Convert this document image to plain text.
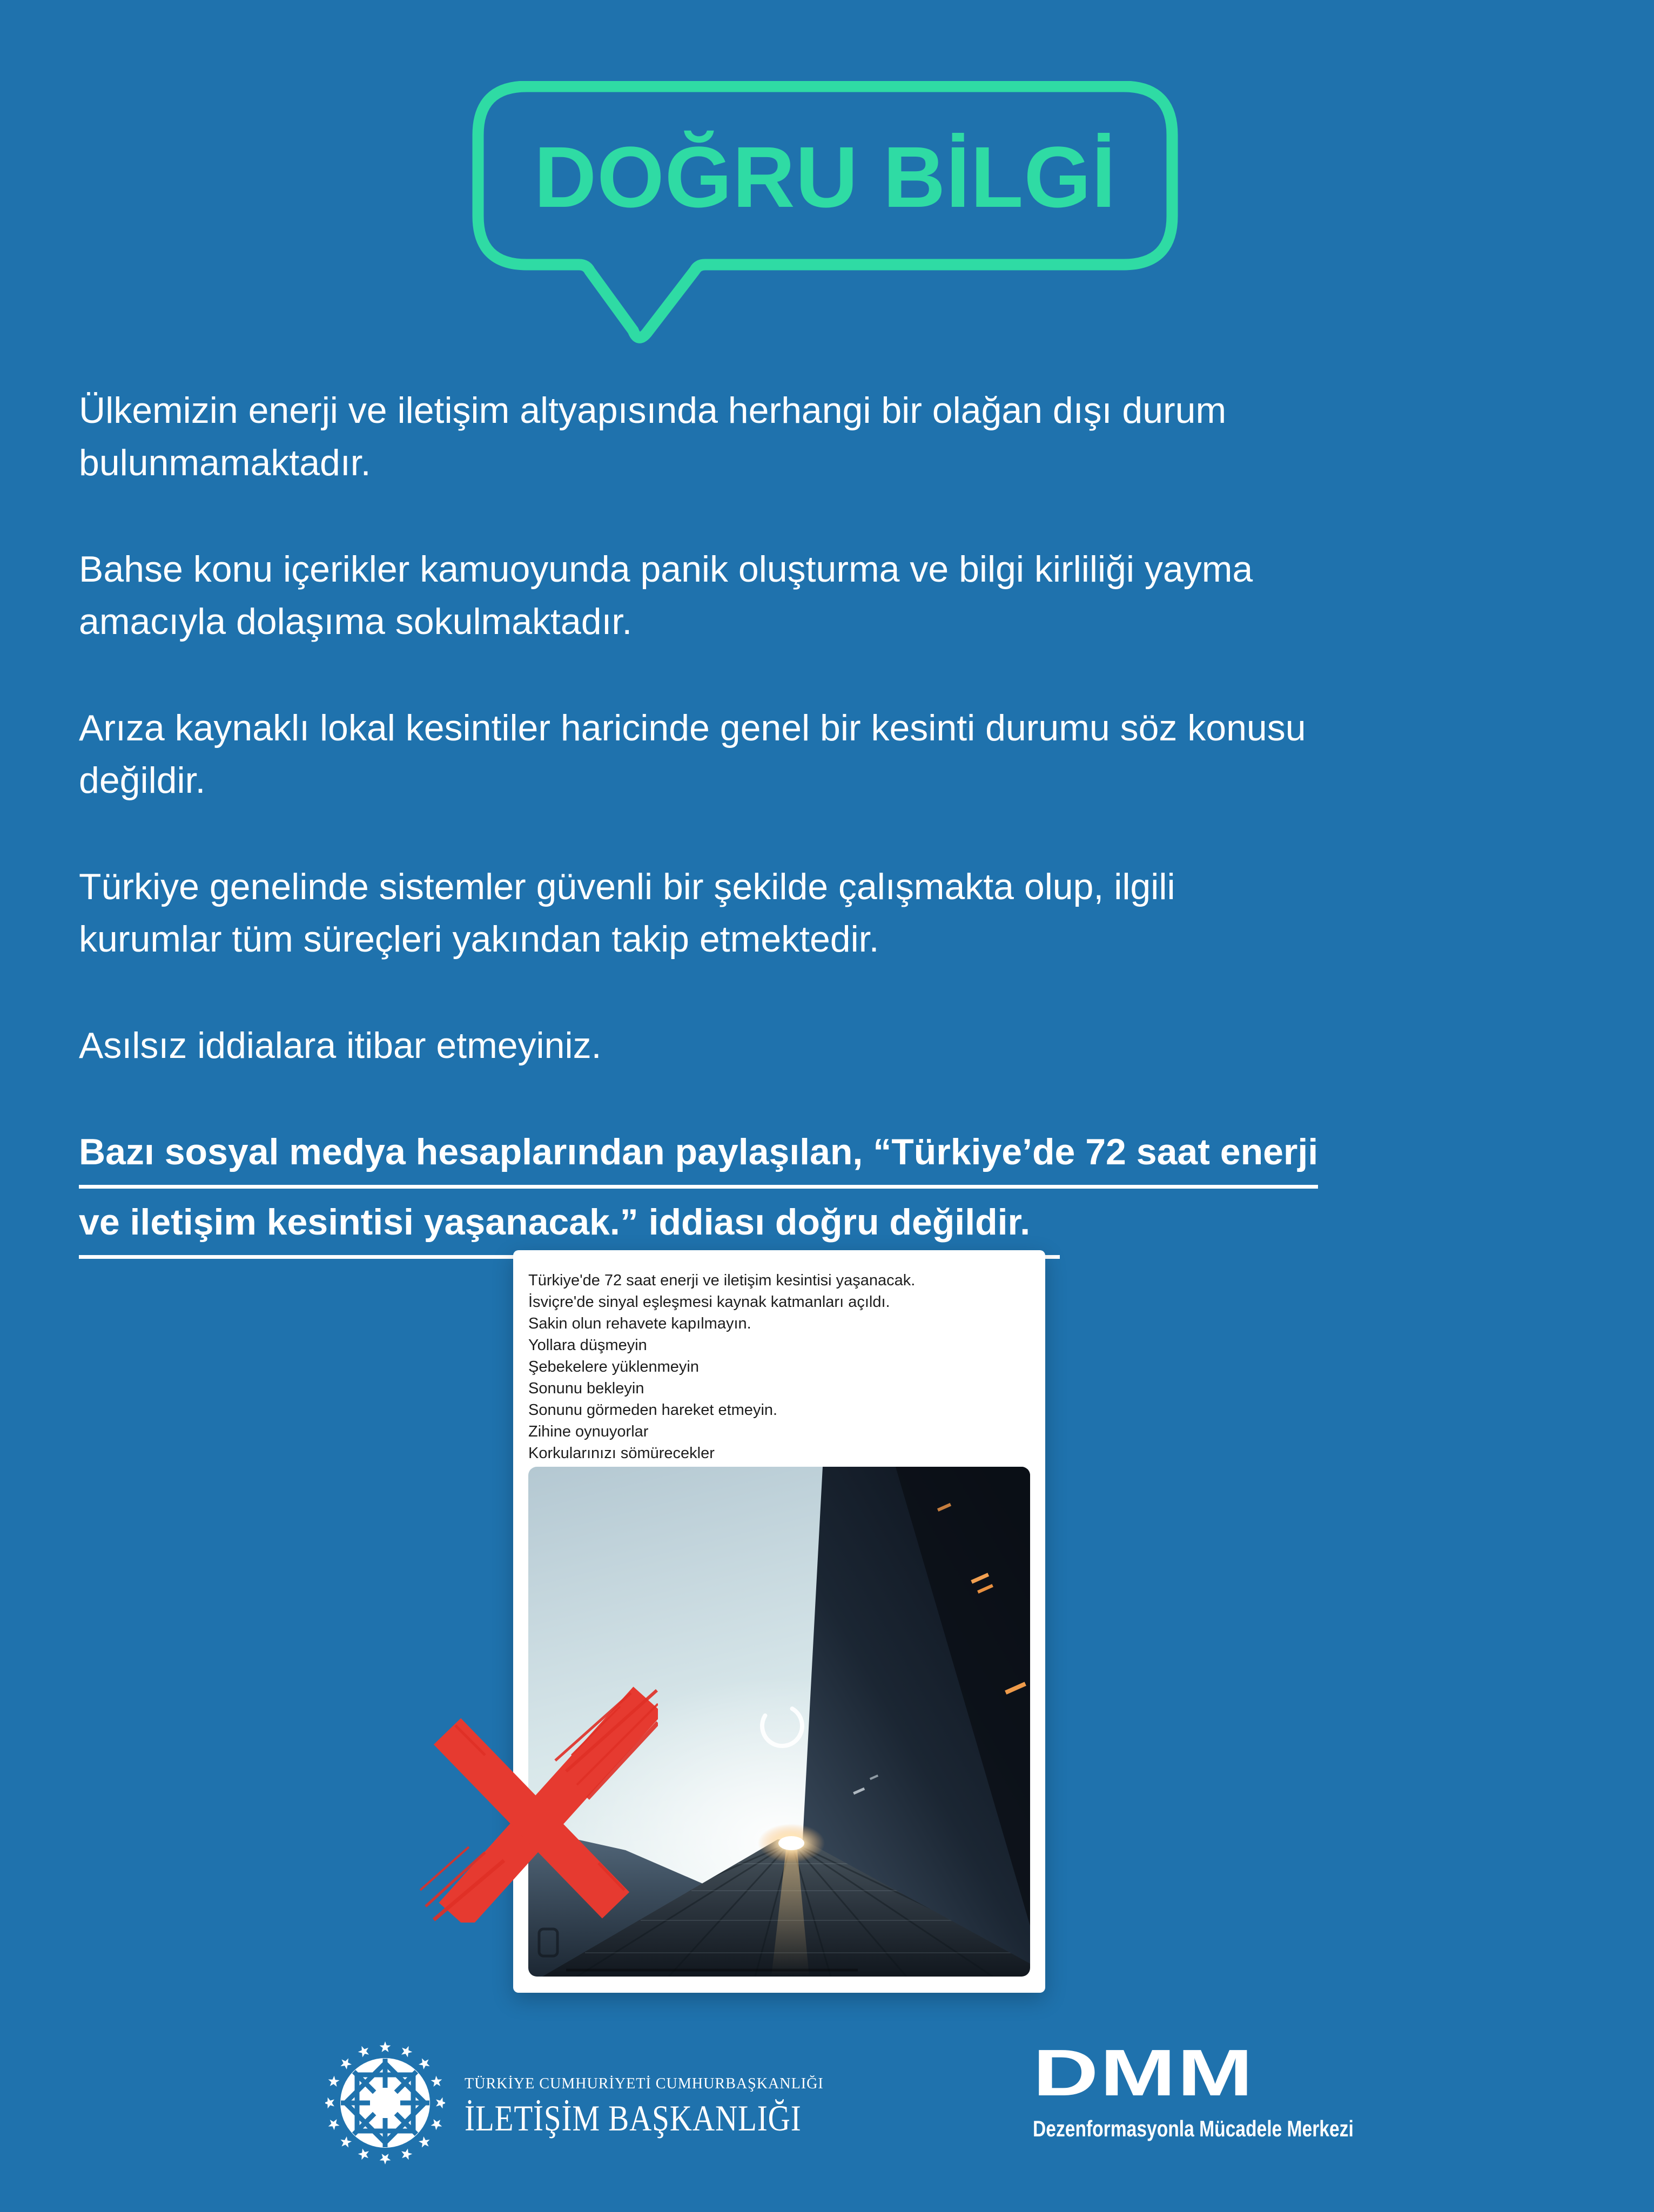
DOĞRU BİLGİ
Ülkemizin enerji ve iletişim altyapısında herhangi bir olağan dışı durum
bulunmamaktadır.
Bahse konu içerikler kamuoyunda panik oluşturma ve bilgi kirliliği yayma
amacıyla dolaşıma sokulmaktadır.
Arıza kaynaklı lokal kesintiler haricinde genel bir kesinti durumu söz konusu
değildir.
Türkiye genelinde sistemler güvenli bir şekilde çalışmakta olup, ilgili
kurumlar tüm süreçleri yakından takip etmektedir.
Asılsız iddialara itibar etmeyiniz.
Bazı sosyal medya hesaplarından paylaşılan, “Türkiye’de 72 saat enerji
ve iletişim kesintisi yaşanacak.” iddiası doğru değildir.
Türkiye'de 72 saat enerji ve iletişim kesintisi yaşanacak.
İsviçre'de sinyal eşleşmesi kaynak katmanları açıldı.
Sakin olun rehavete kapılmayın.
Yollara düşmeyin
Şebekelere yüklenmeyin
Sonunu bekleyin
Sonunu görmeden hareket etmeyin.
Zihine oynuyorlar
Korkularınızı sömürecekler
TÜRKİYE CUMHURİYETİ CUMHURBAŞKANLIĞI
İLETİŞİM BAŞKANLIĞI
DMM
Dezenformasyonla Mücadele Merkezi
